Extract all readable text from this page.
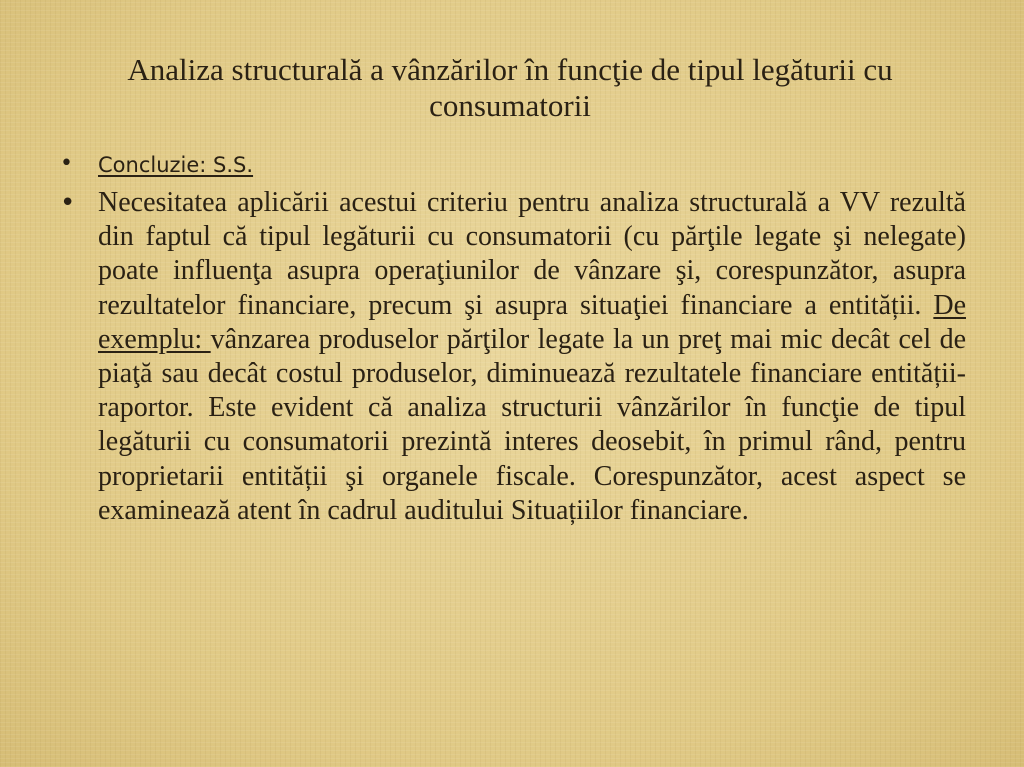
Analiza structurală a vânzărilor în funcţie de tipul legăturii cu consumatorii
• Concluzie: S.S.
• Necesitatea aplicării acestui criteriu pentru analiza structurală a VV rezultă din faptul că tipul legăturii cu consumatorii (cu părţile legate şi nelegate) poate influenţa asupra operaţiunilor de vânzare şi, corespunzător, asupra rezultatelor financiare, precum şi asupra situaţiei financiare a entității. De exemplu: vânzarea produselor părţilor legate la un preţ mai mic decât cel de piaţă sau decât costul produselor, diminuează rezultatele financiare entității-raportor. Este evident că analiza structurii vânzărilor în funcţie de tipul legăturii cu consumatorii prezintă interes deosebit, în primul rând, pentru proprietarii entității şi organele fiscale. Corespunzător, acest aspect se examinează atent în cadrul auditului Situațiilor financiare.
